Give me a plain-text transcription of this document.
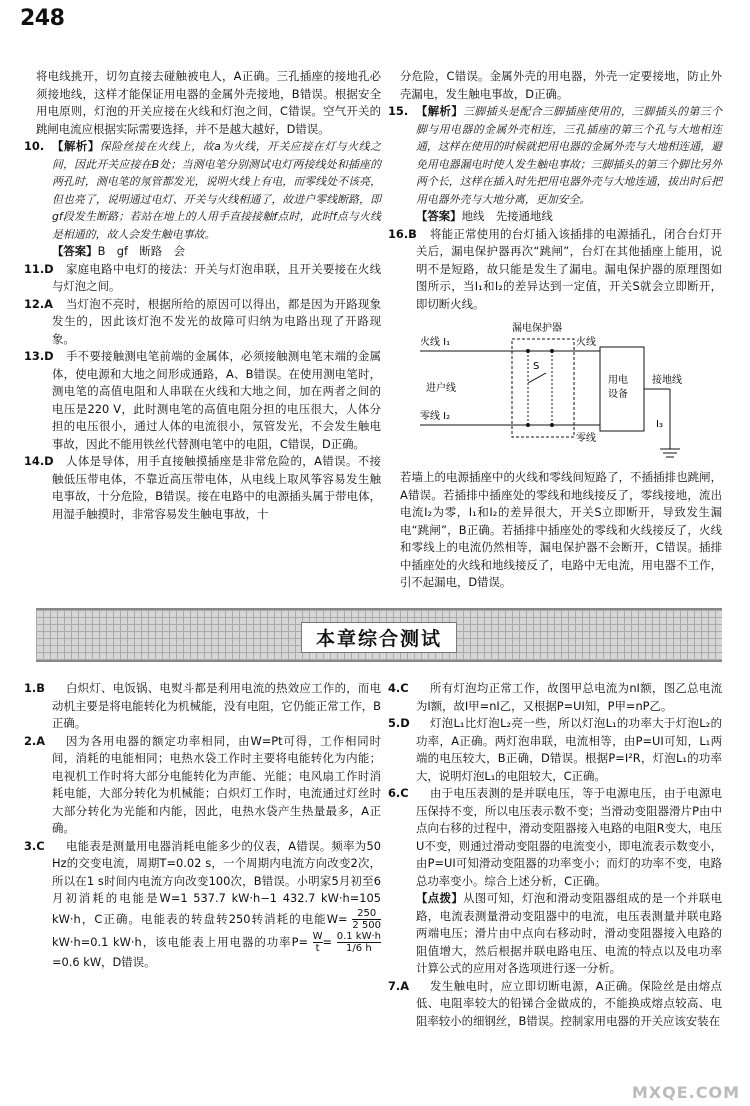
248

将电线挑开，切勿直接去碰触被电人，A正确。三孔插座的接地孔必须接地线，这样才能保证用电器的金属外壳接地，B错误。根据安全用电原则，灯泡的开关应接在火线和灯泡之间，C错误。空气开关的跳闸电流应根据实际需要选择，并不是越大越好，D错误。

10. 【解析】保险丝接在火线上，故a为火线，开关应接在灯与火线之间，因此开关应接在B处；当测电笔分别测试电灯两接线处和插座的两孔时，测电笔的氖管都发光，说明火线上有电，而零线处不该亮，但也亮了，说明通过电灯、开关与火线相通了，故进户零线断路，即gf段发生断路；若站在地上的人用手直接接触f点时，此时f点与火线是相通的，故人会发生触电事故。

【答案】B　gf　断路　会

11.D 家庭电路中电灯的接法：开关与灯泡串联，且开关要接在火线与灯泡之间。

12.A 当灯泡不亮时，根据所给的原因可以得出，都是因为开路现象发生的，因此该灯泡不发光的故障可归纳为电路出现了开路现象。

13.D 手不要接触测电笔前端的金属体，必须接触测电笔末端的金属体，使电源和大地之间形成通路，A、B错误。在使用测电笔时，测电笔的高值电阻和人串联在火线和大地之间，加在两者之间的电压是220 V，此时测电笔的高值电阻分担的电压很大，人体分担的电压很小，通过人体的电流很小，氖管发光，不会发生触电事故，因此不能用铁丝代替测电笔中的电阻，C错误，D正确。

14.D 人体是导体，用手直接触摸插座是非常危险的，A错误。不接触低压带电体，不靠近高压带电体，从电线上取风筝容易发生触电事故，十分危险，B错误。接在电路中的电源插头属于带电体，用湿手触摸时，非常容易发生触电事故，十

分危险，C错误。金属外壳的用电器，外壳一定要接地，防止外壳漏电，发生触电事故，D正确。

15. 【解析】三脚插头是配合三脚插座使用的，三脚插头的第三个脚与用电器的金属外壳相连，三孔插座的第三个孔与大地相连通，这样在使用的时候就把用电器的金属外壳与大地相连通，避免用电器漏电时使人发生触电事故；三脚插头的第三个脚比另外两个长，这样在插入时先把用电器外壳与大地连通，拔出时后把用电器外壳与大地分离，更加安全。

【答案】地线　先接通地线

16.B 将能正常使用的台灯插入该插排的电源插孔，闭合台灯开关后，漏电保护器再次“跳闸”，台灯在其他插座上能用，说明不是短路，故只能是发生了漏电。漏电保护器的原理图如图所示，当I₁和I₂的差异达到一定值，开关S就会立即断开，即切断火线。

火线 I₁
漏电保护器
火线
进户线
S
用电
设备
接地线
I₃
零线 I₂
零线

若墙上的电源插座中的火线和零线间短路了，不插插排也跳闸，A错误。若插排中插座处的零线和地线接反了，零线接地，流出电流I₂为零，I₁和I₂的差异很大，开关S立即断开，导致发生漏电“跳闸”，B正确。若插排中插座处的零线和火线接反了，火线和零线上的电流仍然相等，漏电保护器不会断开，C错误。插排中插座处的火线和地线接反了，电路中无电流，用电器不工作，引不起漏电，D错误。

本章综合测试

1.B 白炽灯、电饭锅、电熨斗都是利用电流的热效应工作的，而电动机主要是将电能转化为机械能，没有电阻，它仍能正常工作，B正确。

2.A 因为各用电器的额定功率相同，由W=Pt可得，工作相同时间，消耗的电能相同；电热水袋工作时主要将电能转化为内能；电视机工作时将大部分电能转化为声能、光能；电风扇工作时消耗电能，大部分转化为机械能；白炽灯工作时，电流通过灯丝时大部分转化为光能和内能，因此，电热水袋产生热量最多，A正确。

3.C 电能表是测量用电器消耗电能多少的仪表，A错误。频率为50 Hz的交变电流，周期T=0.02 s，一个周期内电流方向改变2次，所以在1 s时间内电流方向改变100次，B错误。小明家5月初至6月初消耗的电能是W=1 537.7 kW·h−1 432.7 kW·h=105 kW·h，C正确。电能表的转盘转250转消耗的电能$W= \frac{250}{2 500}$
kW·h=0.1 kW·h，该电能表上用电器的功率$P= \frac{W}{t} = \frac{0.1 kW\cdot h}{1/6 h}$
=0.6 kW，D错误。

4.C 所有灯泡均正常工作，故图甲总电流为nI额，图乙总电流为I额，故I甲=nI乙，又根据P=UI知，P甲=nP乙。

5.D 灯泡L₁比灯泡L₂亮一些，所以灯泡L₁的功率大于灯泡L₂的功率，A正确。两灯泡串联，电流相等，由P=UI可知，L₁两端的电压较大，B正确，D错误。根据P=I²R，灯泡L₁的功率大，说明灯泡L₁的电阻较大，C正确。

6.C 由于电压表测的是并联电压，等于电源电压，由于电源电压保持不变，所以电压表示数不变；当滑动变阻器滑片P由中点向右移的过程中，滑动变阻器接入电路的电阻R变大，电压U不变，则通过滑动变阻器的电流变小，即电流表示数变小，由P=UI可知滑动变阻器的功率变小；而灯的功率不变，电路总功率变小。综合上述分析，C正确。

【点拨】从图可知，灯泡和滑动变阻器组成的是一个并联电路，电流表测量滑动变阻器中的电流，电压表测量并联电路两端电压；滑片由中点向右移动时，滑动变阻器接入电路的阻值增大，然后根据并联电路电压、电流的特点以及电功率计算公式的应用对各选项进行逐一分析。

7.A 发生触电时，应立即切断电源，A正确。保险丝是由熔点低、电阻率较大的铅锑合金做成的，不能换成熔点较高、电阻率较小的细钢丝，B错误。控制家用电器的开关应该安装在

MXQE.COM
